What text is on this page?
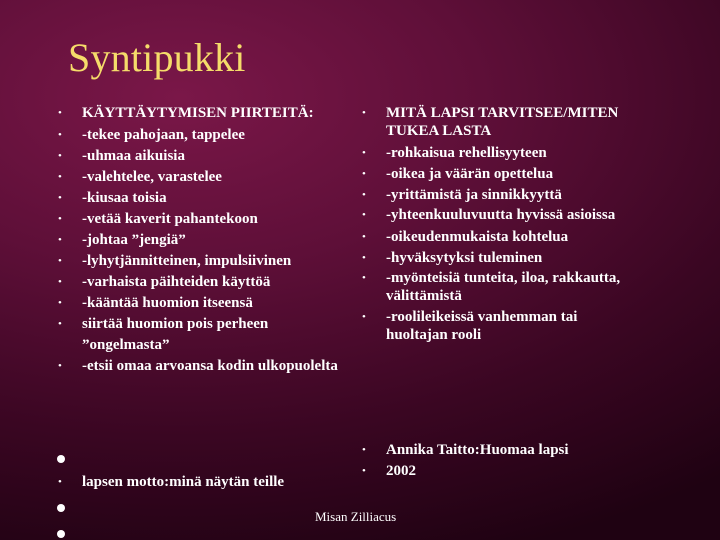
Syntipukki
• KÄYTTÄYTYMISEN PIIRTEITÄ:
• -tekee pahojaan, tappelee
• -uhmaa aikuisia
• -valehtelee, varastelee
• -kiusaa toisia
• -vetää kaverit pahantekoon
• -johtaa ”jengiä”
• -lyhytjännitteinen, impulsiivinen
• -varhaista päihteiden käyttöä
• -kääntää huomion itseensä
• siirtää huomion pois perheen ”ongelmasta”
• -etsii omaa arvoansa kodin ulkopuolelta
• lapsen motto:minä näytän teille
• MITÄ LAPSI TARVITSEE/MITEN TUKEA LASTA
• -rohkaisua rehellisyyteen
• -oikea ja väärän opettelua
• -yrittämistä ja sinnikkyyttä
• -yhteenkuuluvuutta hyvissä asioissa
• -oikeudenmukaista kohtelua
• -hyväksytyksi tuleminen
• -myönteisiä tunteita, iloa, rakkautta, välittämistä
• -roolileikeissä vanhemman tai huoltajan rooli
• Annika Taitto:Huomaa lapsi
• 2002
Misan Zilliacus
